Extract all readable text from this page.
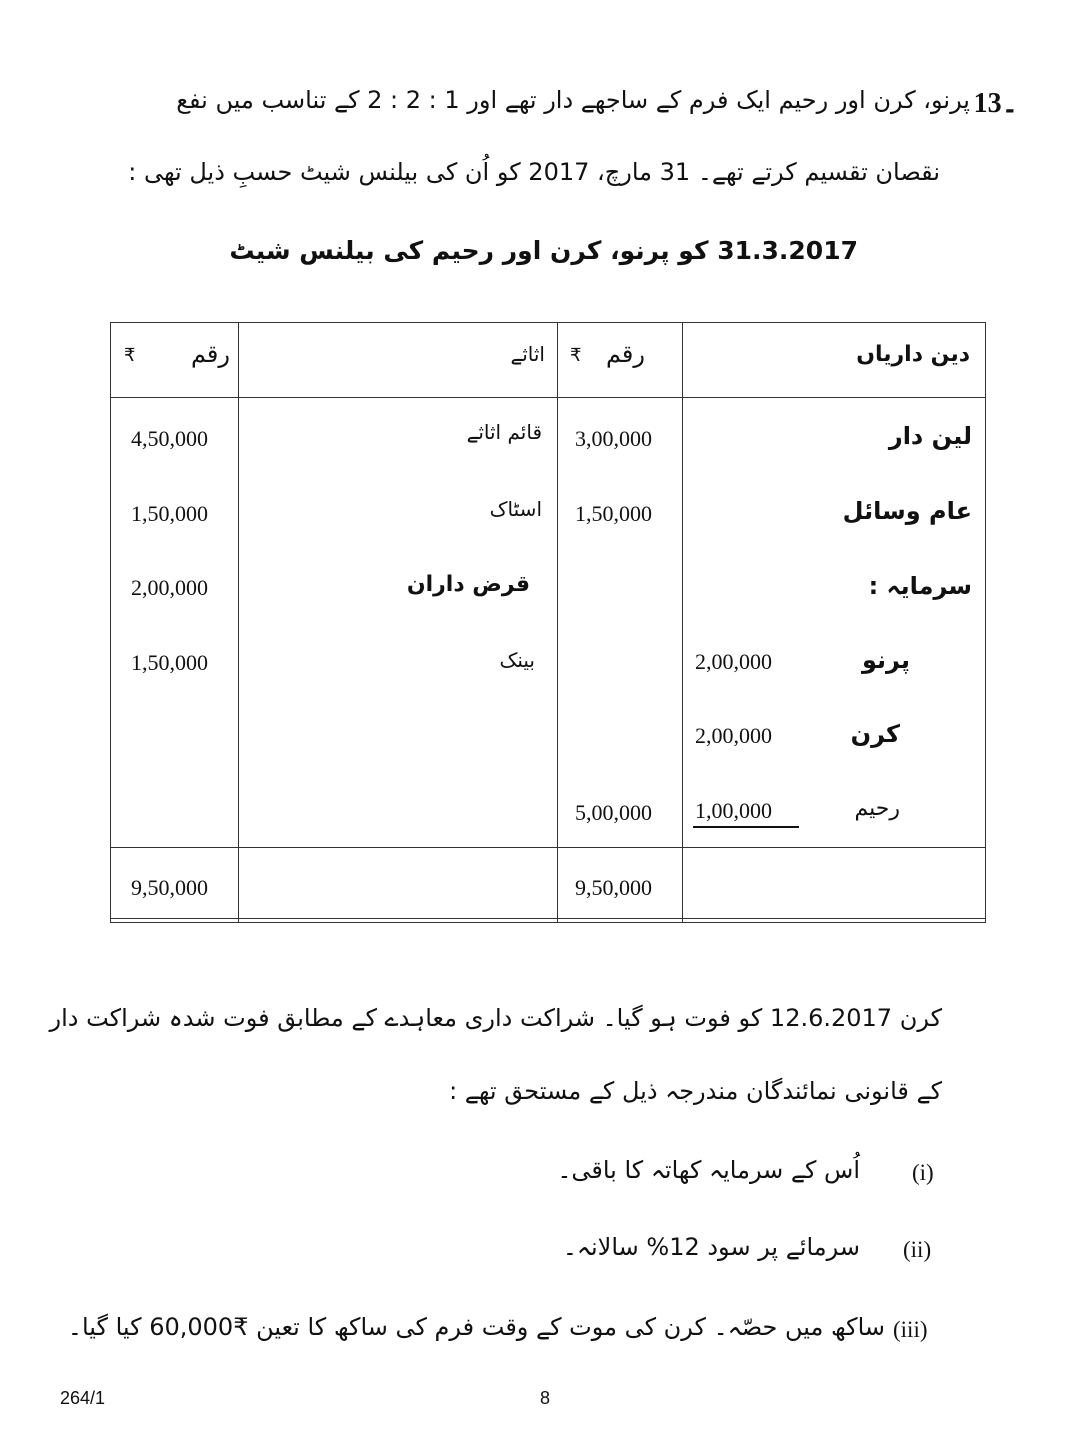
13۔
پرنو، کرن اور رحیم ایک فرم کے ساجھے دار تھے اور 1 : 2 : 2 کے تناسب میں نفع
نقصان تقسیم کرتے تھے۔ 31 مارچ، 2017 کو اُن کی بیلنس شیٹ حسبِ ذیل تھی :
31.3.2017 کو پرنو، کرن اور رحیم کی بیلنس شیٹ
دین داریاں
رقم
₹
اثاثے
رقم
₹
لین دار
3,00,000
عام وسائل
1,50,000
سرمایہ :
پرنو
2,00,000
کرن
2,00,000
رحیم
1,00,000
5,00,000
قائم اثاثے
4,50,000
اسٹاک
1,50,000
قرض داران
2,00,000
بینک
1,50,000
9,50,000	9,50,000
کرن 12.6.2017 کو فوت ہو گیا۔ شراکت داری معاہدے کے مطابق فوت شدہ شراکت دار
کے قانونی نمائندگان مندرجہ ذیل کے مستحق تھے :
(i)
اُس کے سرمایہ کھاتہ کا باقی۔
(ii)
سرمائے پر سود 12% سالانہ۔
(iii)
ساکھ میں حصّہ۔ کرن کی موت کے وقت فرم کی ساکھ کا تعین ₹60,000 کیا گیا۔
264/1	8
